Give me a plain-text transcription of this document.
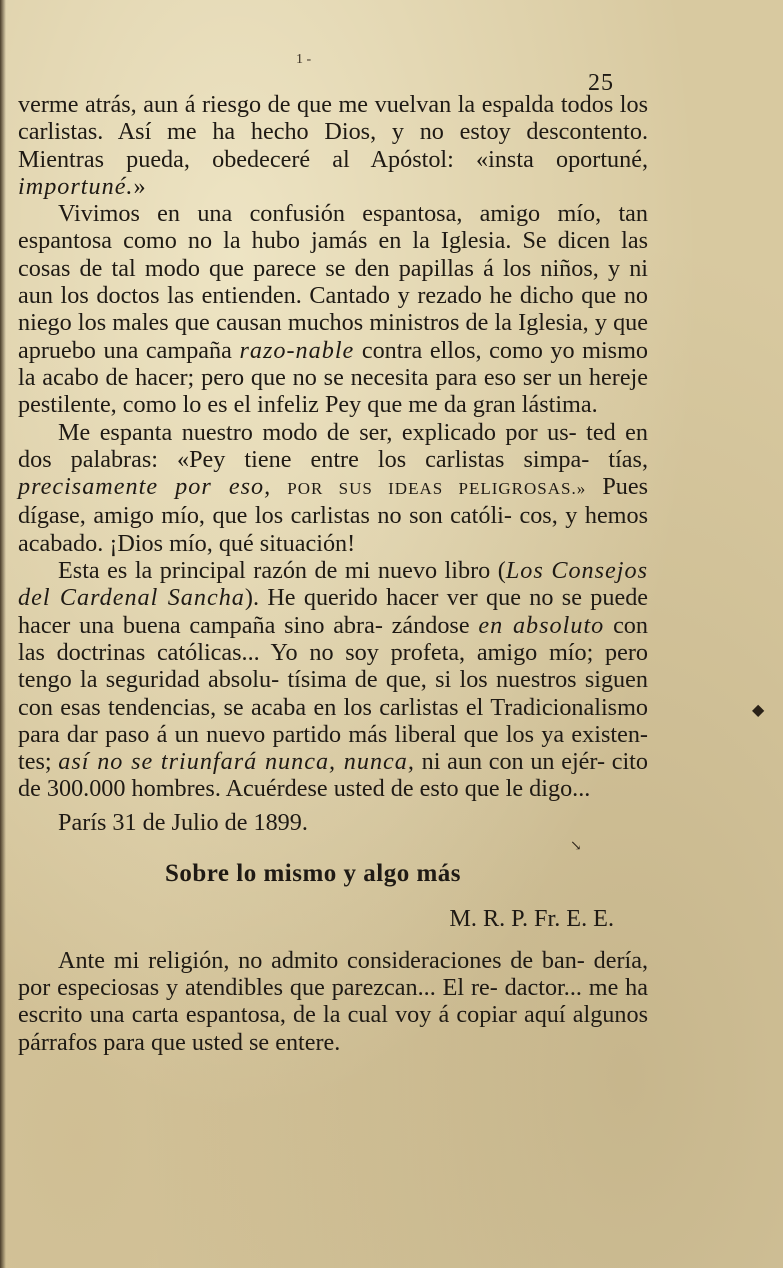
1 -
25

verme atrás, aun á riesgo de que me vuelvan la espalda todos los carlistas. Así me ha hecho Dios, y no estoy descontento. Mientras pueda, obedeceré al Apóstol: «insta oportuné, importuné.»

Vivimos en una confusión espantosa, amigo mío, tan espantosa como no la hubo jamás en la Iglesia. Se dicen las cosas de tal modo que parece se den papillas á los niños, y ni aun los doctos las entienden. Cantado y rezado he dicho que no niego los males que causan muchos ministros de la Iglesia, y que apruebo una campaña razo-nable contra ellos, como yo mismo la acabo de hacer; pero que no se necesita para eso ser un hereje pestilente, como lo es el infeliz Pey que me da gran lástima.

Me espanta nuestro modo de ser, explicado por us- ted en dos palabras: «Pey tiene entre los carlistas simpa- tías, precisamente por eso, POR SUS IDEAS PELIGROSAS.» Pues dígase, amigo mío, que los carlistas no son católi- cos, y hemos acabado. ¡Dios mío, qué situación!

Esta es la principal razón de mi nuevo libro (Los Consejos del Cardenal Sancha). He querido hacer ver que no se puede hacer una buena campaña sino abra- zándose en absoluto con las doctrinas católicas... Yo no soy profeta, amigo mío; pero tengo la seguridad absolu- tísima de que, si los nuestros siguen con esas tendencias, se acaba en los carlistas el Tradicionalismo para dar paso á un nuevo partido más liberal que los ya existen- tes; así no se triunfará nunca, nunca, ni aun con un ejér- cito de 300.000 hombres. Acuérdese usted de esto que le digo...

París 31 de Julio de 1899.

Sobre lo mismo y algo más

M. R. P. Fr. E. E.

Ante mi religión, no admito consideraciones de ban- dería, por especiosas y atendibles que parezcan... El re- dactor... me ha escrito una carta espantosa, de la cual voy á copiar aquí algunos párrafos para que usted se entere.

◆
↘
